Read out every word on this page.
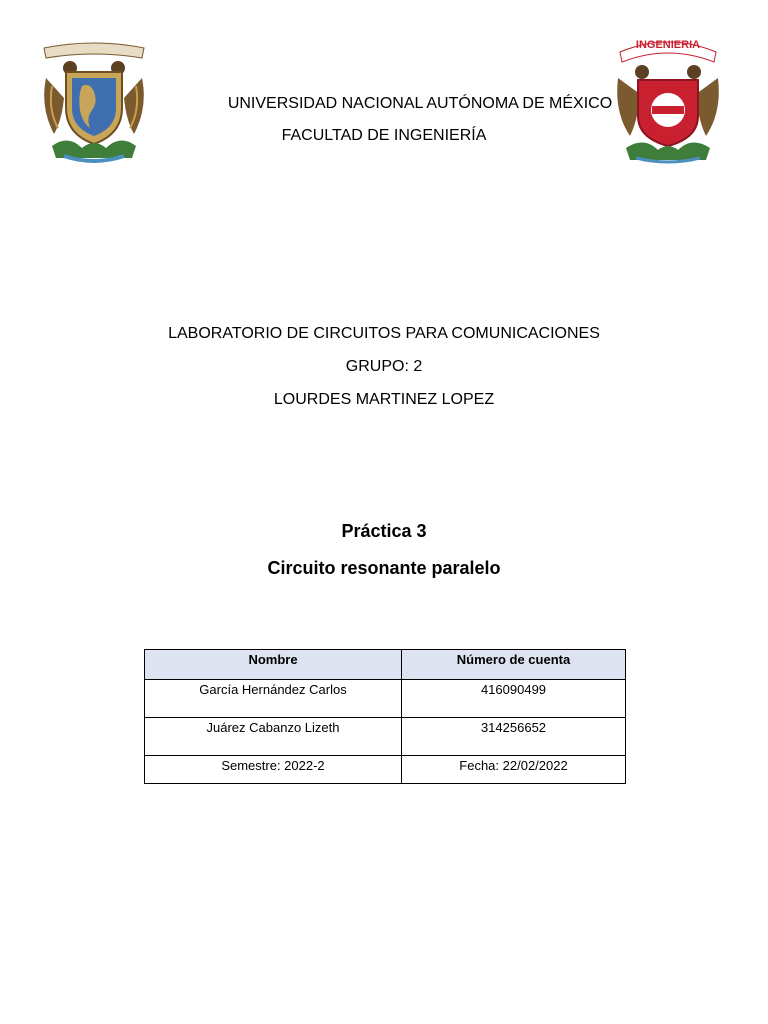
INGENIERIA
UNIVERSIDAD NACIONAL AUTÓNOMA DE MÉXICO
FACULTAD DE INGENIERÍA
LABORATORIO DE CIRCUITOS PARA COMUNICACIONES
GRUPO: 2
LOURDES MARTINEZ LOPEZ
Práctica 3
Circuito resonante paralelo
Nombre	Número de cuenta
García Hernández Carlos	416090499
Juárez Cabanzo Lizeth	314256652
Semestre: 2022-2	Fecha: 22/02/2022
